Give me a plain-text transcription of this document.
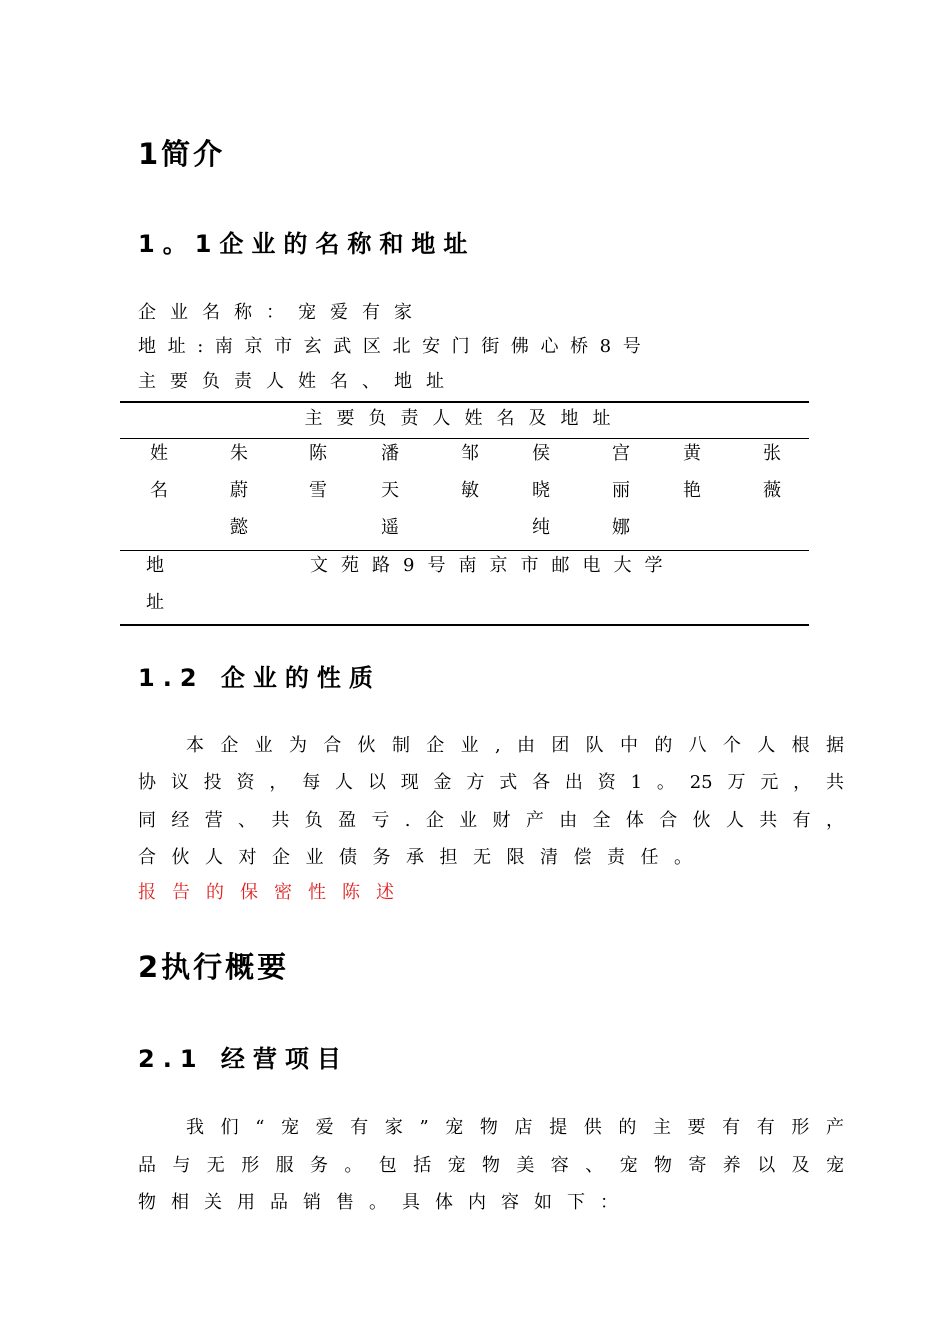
1简介
1。1企业的名称和地址
企业名称：宠爱有家
地址:南京市玄武区北安门街佛心桥8号
主要负责人姓名、地址
主要负责人姓名及地址
姓
名
朱
蔚
懿
陈
雪
潘
天
遥
邹
敏
侯
晓
纯
宫
丽
娜
黄
艳
张
薇
地
址
文苑路9号南京市邮电大学
1.2 企业的性质
本企业为合伙制企业,由团队中的八个人根据
协议投资，每人以现金方式各出资1。25万元，共
同经营、共负盈亏.企业财产由全体合伙人共有，
合伙人对企业债务承担无限清偿责任。
报告的保密性陈述
2执行概要
2.1 经营项目
我们“宠爱有家”宠物店提供的主要有有形产
品与无形服务。包括宠物美容、宠物寄养以及宠
物相关用品销售。具体内容如下：
